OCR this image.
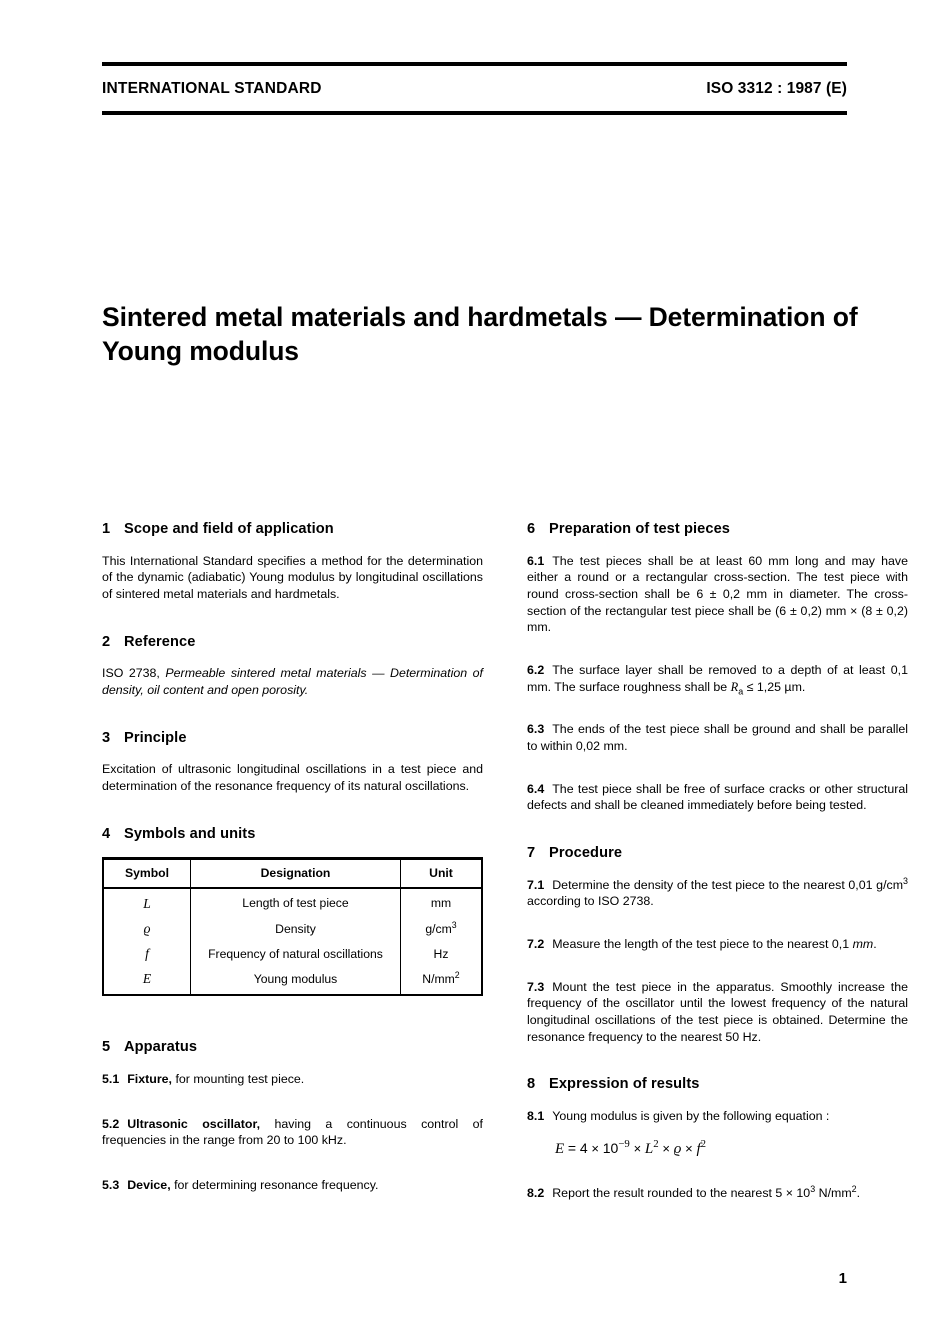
INTERNATIONAL STANDARD	ISO 3312 : 1987 (E)
Sintered metal materials and hardmetals — Determination of Young modulus
1 Scope and field of application

This International Standard specifies a method for the determination of the dynamic (adiabatic) Young modulus by longitudinal oscillations of sintered metal materials and hardmetals.

2 Reference

ISO 2738, Permeable sintered metal materials — Determination of density, oil content and open porosity.

3 Principle

Excitation of ultrasonic longitudinal oscillations in a test piece and determination of the resonance frequency of its natural oscillations.

4 Symbols and units
Symbol	Designation	Unit
L	Length of test piece	mm
ϱ	Density	$g/cm^3$
f	Frequency of natural oscillations	Hz
E	Young modulus	$N/mm^2$
5 Apparatus

5.1 Fixture, for mounting test piece.

5.2 Ultrasonic oscillator, having a continuous control of frequencies in the range from 20 to 100 kHz.

5.3 Device, for determining resonance frequency.

6 Preparation of test pieces

6.1 The test pieces shall be at least 60 mm long and may have either a round or a rectangular cross-section. The test piece with round cross-section shall be 6 ± 0,2 mm in diameter. The cross-section of the rectangular test piece shall be (6 ± 0,2) mm × (8 ± 0,2) mm.

6.2 The surface layer shall be removed to a depth of at least 0,1 mm. The surface roughness shall be $R_a \le 1,25$ µm.

6.3 The ends of the test piece shall be ground and shall be parallel to within 0,02 mm.

6.4 The test piece shall be free of surface cracks or other structural defects and shall be cleaned immediately before being tested.

7 Procedure

7.1 Determine the density of the test piece to the nearest 0,01 $g/cm^3$ according to ISO 2738.

7.2 Measure the length of the test piece to the nearest 0,1 mm.

7.3 Mount the test piece in the apparatus. Smoothly increase the frequency of the oscillator until the lowest frequency of the natural longitudinal oscillations of the test piece is obtained. Determine the resonance frequency to the nearest 50 Hz.

8 Expression of results

8.1 Young modulus is given by the following equation :

$E = 4 \times 10^{-9} \times L^2 \times ϱ \times f^2$

8.2 Report the result rounded to the nearest $5 \times 10^3$ $N/mm^2$.

1
